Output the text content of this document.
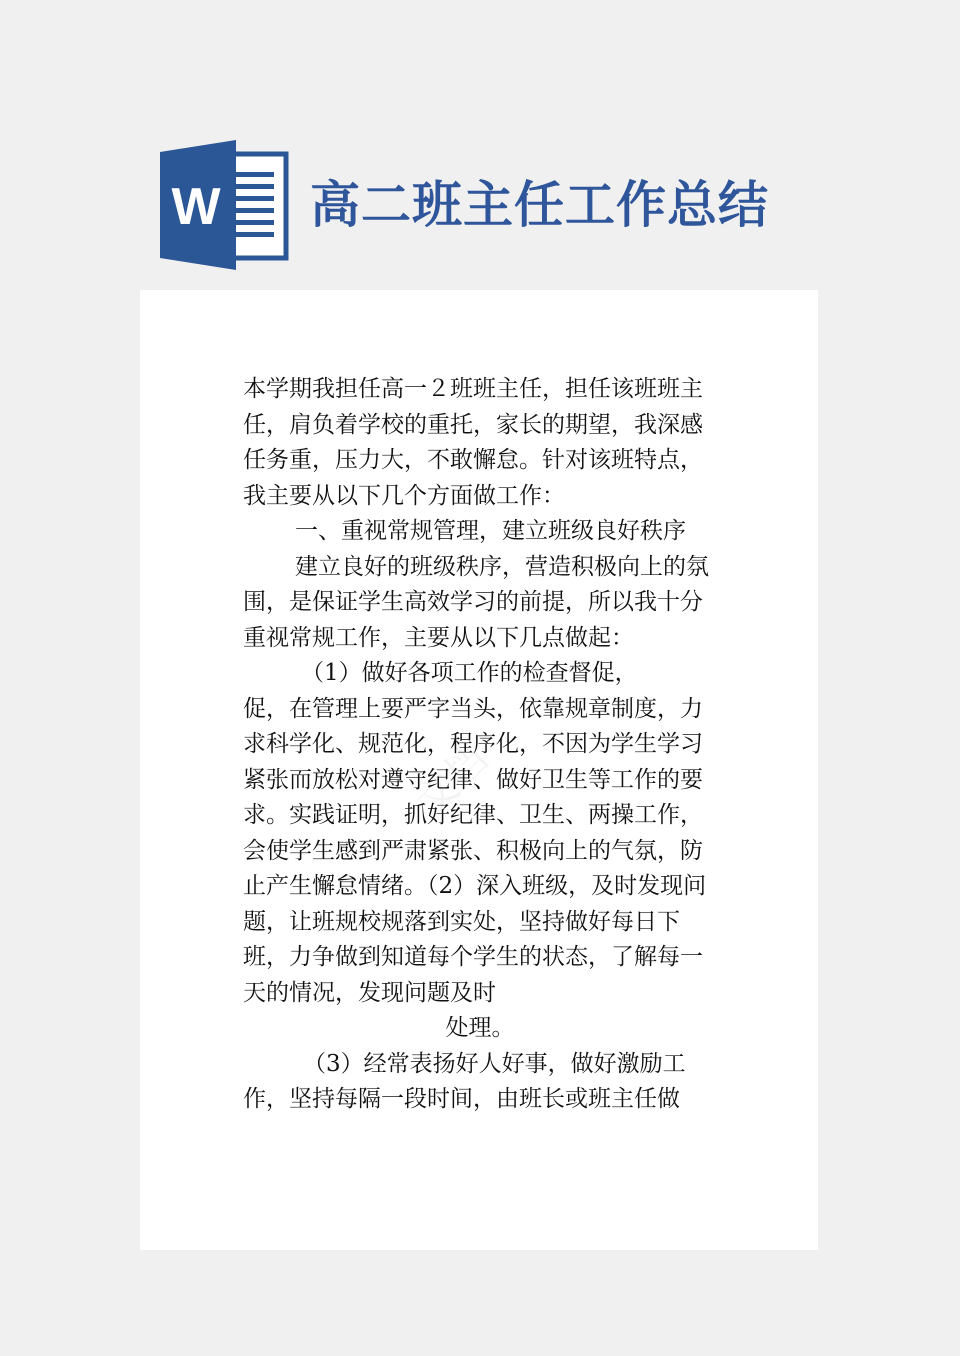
W 高二班主任工作总结
文档

本学期我担任高一２班班主任，担任该班班主任，肩负着学校的重托，家长的期望，我深感任务重，压力大，不敢懈怠。针对该班特点，我主要从以下几个方面做工作：

一、重视常规管理，建立班级良好秩序

建立良好的班级秩序，营造积极向上的氛围，是保证学生高效学习的前提，所以我十分重视常规工作，主要从以下几点做起：

（1）做好各项工作的检查督促，

促，在管理上要严字当头，依靠规章制度，力求科学化、规范化，程序化，不因为学生学习紧张而放松对遵守纪律、做好卫生等工作的要求。实践证明，抓好纪律、卫生、两操工作，会使学生感到严肃紧张、积极向上的气氛，防止产生懈怠情绪。（2）深入班级，及时发现问题，让班规校规落到实处，坚持做好每日下班，力争做到知道每个学生的状态，了解每一天的情况，发现问题及时

处理。

（3）经常表扬好人好事，做好激励工作，坚持每隔一段时间，由班长或班主任做
